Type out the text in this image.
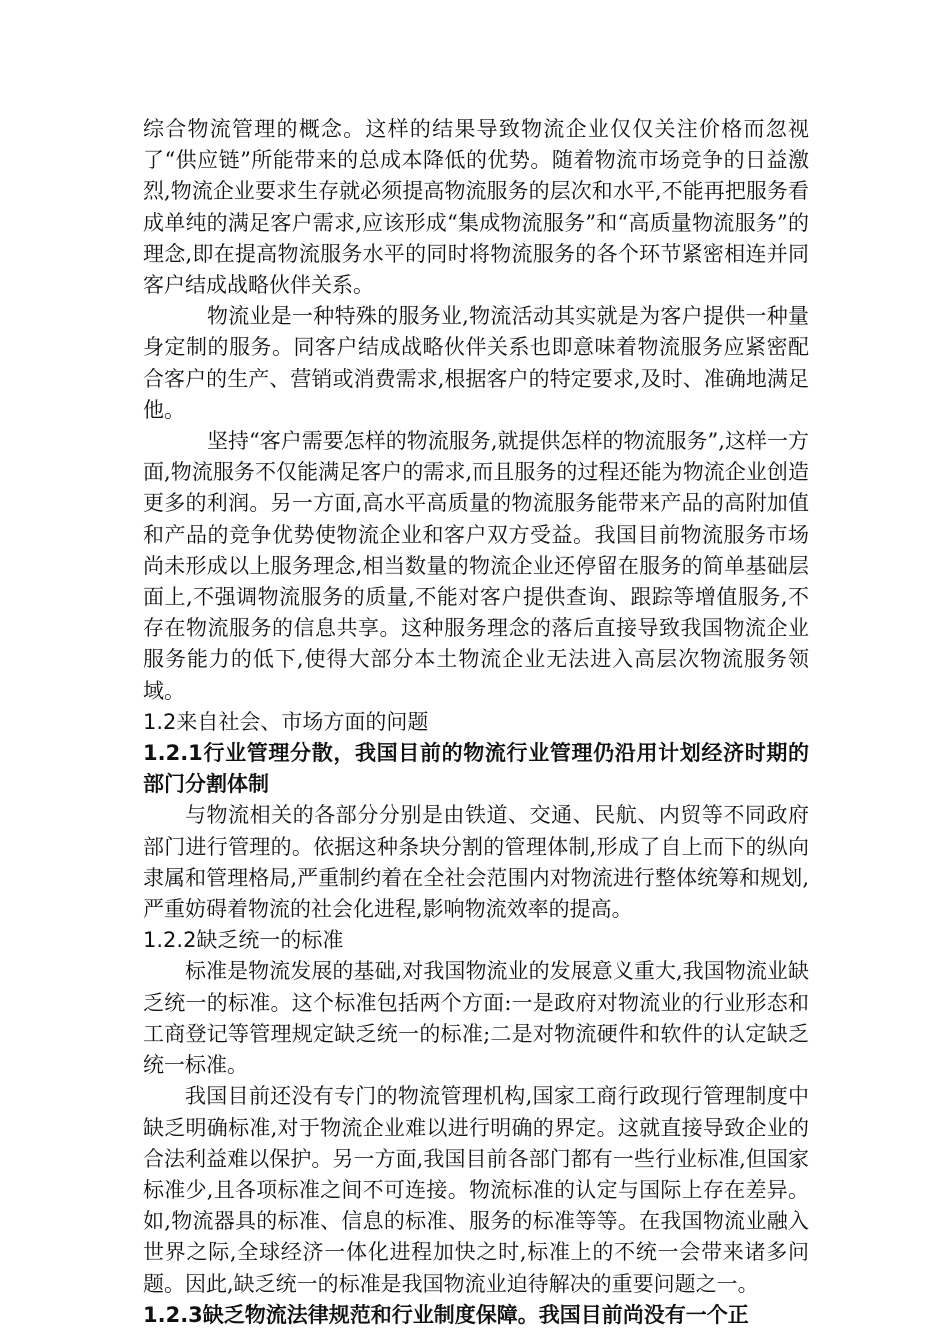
综合物流管理的概念。这样的结果导致物流企业仅仅关注价格而忽视了“供应链”所能带来的总成本降低的优势。随着物流市场竞争的日益激烈,物流企业要求生存就必须提高物流服务的层次和水平,不能再把服务看成单纯的满足客户需求,应该形成“集成物流服务”和“高质量物流服务”的理念,即在提高物流服务水平的同时将物流服务的各个环节紧密相连并同客户结成战略伙伴关系。

物流业是一种特殊的服务业,物流活动其实就是为客户提供一种量身定制的服务。同客户结成战略伙伴关系也即意味着物流服务应紧密配合客户的生产、营销或消费需求,根据客户的特定要求,及时、准确地满足他。

坚持“客户需要怎样的物流服务,就提供怎样的物流服务”,这样一方面,物流服务不仅能满足客户的需求,而且服务的过程还能为物流企业创造更多的利润。另一方面,高水平高质量的物流服务能带来产品的高附加值和产品的竞争优势使物流企业和客户双方受益。我国目前物流服务市场尚未形成以上服务理念,相当数量的物流企业还停留在服务的简单基础层面上,不强调物流服务的质量,不能对客户提供查询、跟踪等增值服务,不存在物流服务的信息共享。这种服务理念的落后直接导致我国物流企业服务能力的低下,使得大部分本土物流企业无法进入高层次物流服务领域。

1.2来自社会、市场方面的问题
1.2.1行业管理分散，我国目前的物流行业管理仍沿用计划经济时期的部门分割体制

与物流相关的各部分分别是由铁道、交通、民航、内贸等不同政府部门进行管理的。依据这种条块分割的管理体制,形成了自上而下的纵向隶属和管理格局,严重制约着在全社会范围内对物流进行整体统筹和规划,严重妨碍着物流的社会化进程,影响物流效率的提高。

1.2.2缺乏统一的标准

标准是物流发展的基础,对我国物流业的发展意义重大,我国物流业缺乏统一的标准。这个标准包括两个方面:一是政府对物流业的行业形态和工商登记等管理规定缺乏统一的标准;二是对物流硬件和软件的认定缺乏统一标准。

我国目前还没有专门的物流管理机构,国家工商行政现行管理制度中缺乏明确标准,对于物流企业难以进行明确的界定。这就直接导致企业的合法利益难以保护。另一方面,我国目前各部门都有一些行业标准,但国家标准少,且各项标准之间不可连接。物流标准的认定与国际上存在差异。如,物流器具的标准、信息的标准、服务的标准等等。在我国物流业融入世界之际,全球经济一体化进程加快之时,标准上的不统一会带来诸多问题。因此,缺乏统一的标准是我国物流业迫待解决的重要问题之一。

1.2.3缺乏物流法律规范和行业制度保障。我国目前尚没有一个正
